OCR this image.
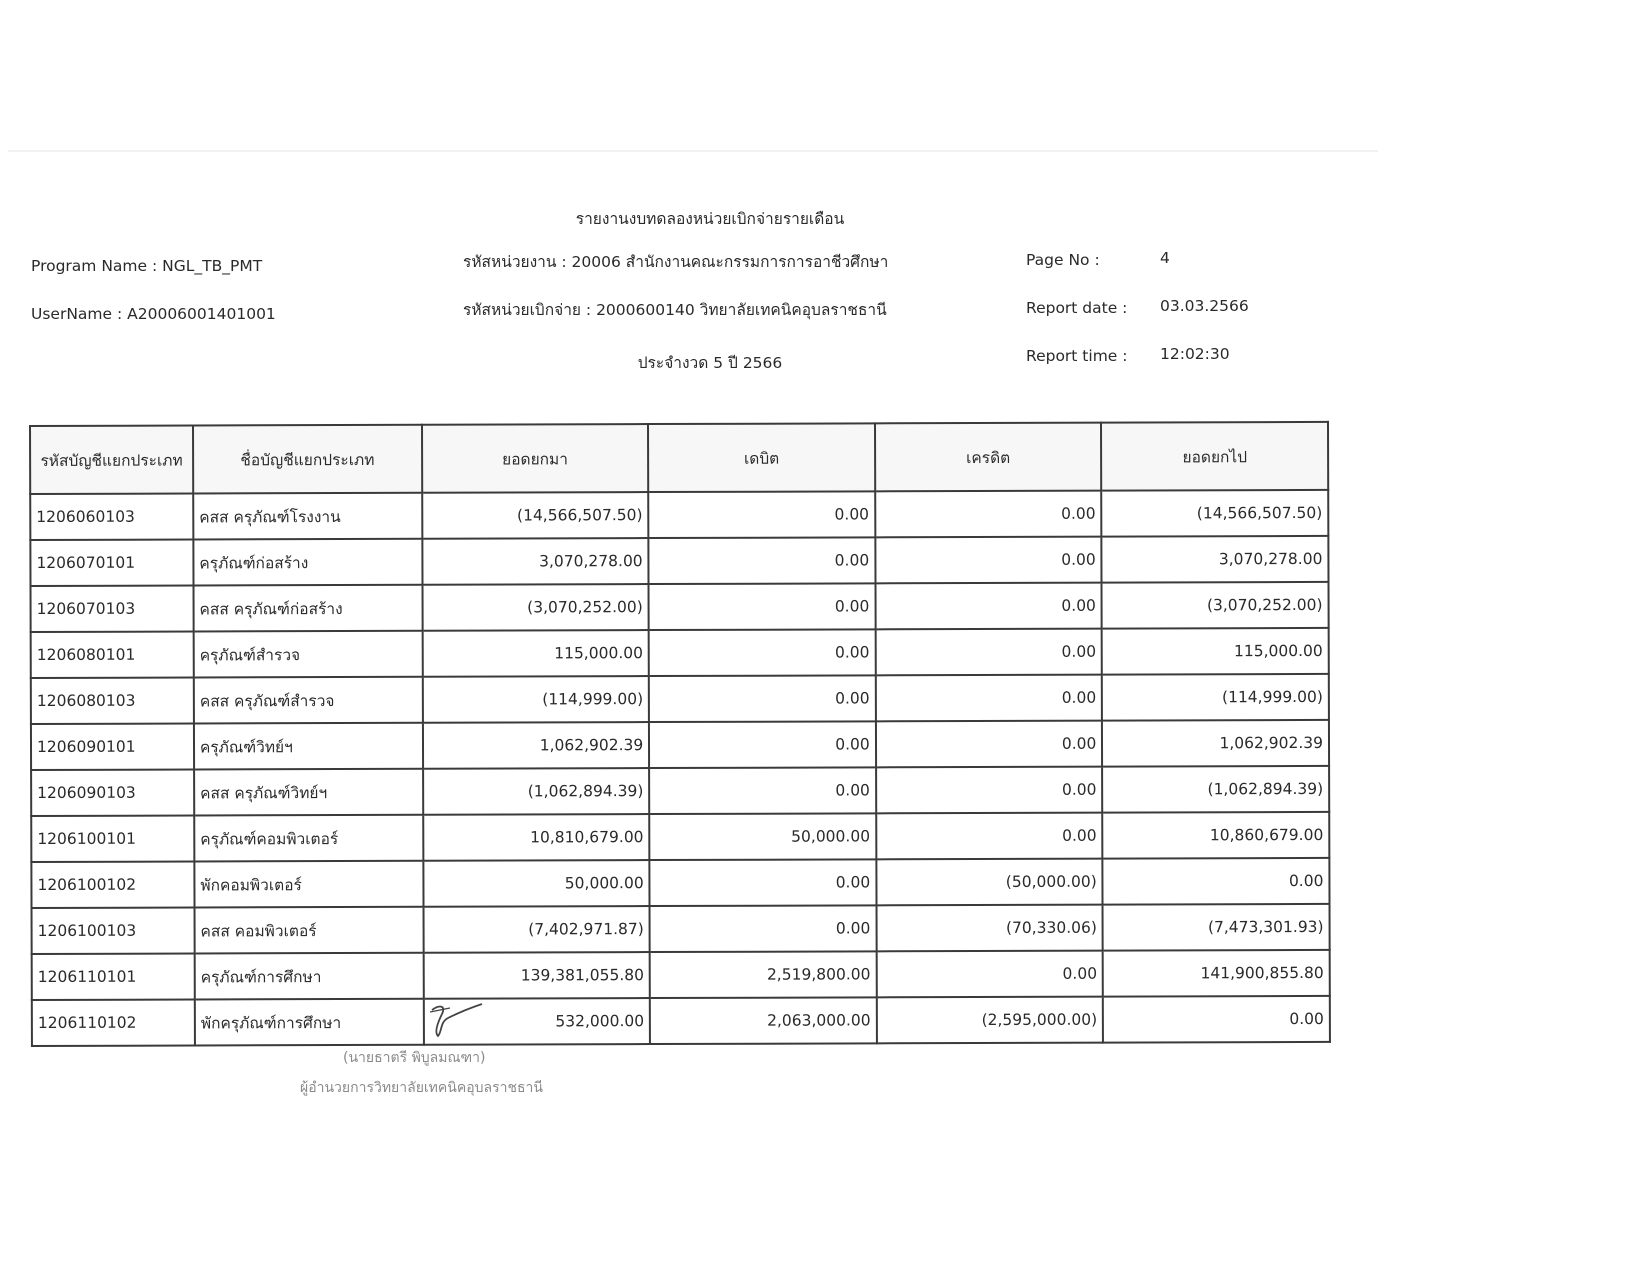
รายงานงบทดลองหน่วยเบิกจ่ายรายเดือน
Program Name : NGL_TB_PMT
UserName : A20006001401001
รหัสหน่วยงาน : 20006 สำนักงานคณะกรรมการการอาชีวศึกษา
รหัสหน่วยเบิกจ่าย : 2000600140 วิทยาลัยเทคนิคอุบลราชธานี
ประจำงวด 5 ปี 2566
Page No :	4
Report date : 03.03.2566
Report time : 12:02:30
รหัสบัญชีแยกประเภท	ชื่อบัญชีแยกประเภท	ยอดยกมา	เดบิต	เครดิต	ยอดยกไป
1206060103	คสส ครุภัณฑ์โรงงาน	(14,566,507.50)	0.00	0.00	(14,566,507.50)
1206070101	ครุภัณฑ์ก่อสร้าง	3,070,278.00	0.00	0.00	3,070,278.00
1206070103	คสส ครุภัณฑ์ก่อสร้าง	(3,070,252.00)	0.00	0.00	(3,070,252.00)
1206080101	ครุภัณฑ์สำรวจ	115,000.00	0.00	0.00	115,000.00
1206080103	คสส ครุภัณฑ์สำรวจ	(114,999.00)	0.00	0.00	(114,999.00)
1206090101	ครุภัณฑ์วิทย์ฯ	1,062,902.39	0.00	0.00	1,062,902.39
1206090103	คสส ครุภัณฑ์วิทย์ฯ	(1,062,894.39)	0.00	0.00	(1,062,894.39)
1206100101	ครุภัณฑ์คอมพิวเตอร์	10,810,679.00	50,000.00	0.00	10,860,679.00
1206100102	พักคอมพิวเตอร์	50,000.00	0.00	(50,000.00)	0.00
1206100103	คสส คอมพิวเตอร์	(7,402,971.87)	0.00	(70,330.06)	(7,473,301.93)
1206110101	ครุภัณฑ์การศึกษา	139,381,055.80	2,519,800.00	0.00	141,900,855.80
1206110102	พักครุภัณฑ์การศึกษา	532,000.00	2,063,000.00	(2,595,000.00)	0.00
(นายธาตรี พิบูลมณฑา)
ผู้อำนวยการวิทยาลัยเทคนิคอุบลราชธานี
